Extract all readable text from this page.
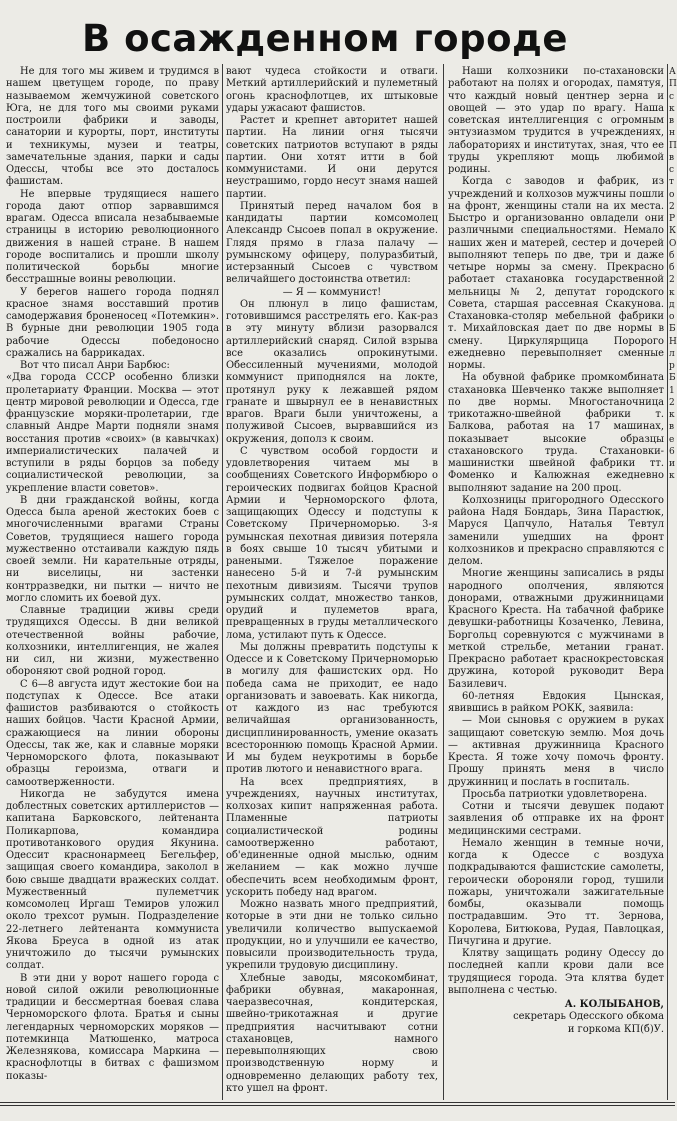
В осажденном городе

Не для того мы живем и трудимся в нашем цветущем городе, по праву называемом жемчужиной советского Юга, не для того мы своими руками построили фабрики и заводы, санатории и курорты, порт, институты и техникумы, музеи и театры, замечательные здания, парки и сады Одессы, чтобы все это досталось фашистам.

Не впервые трудящиеся нашего города дают отпор зарвавшимся врагам. Одесса вписала незабываемые страницы в историю революционного движения в нашей стране. В нашем городе воспитались и прошли школу политической борьбы многие бесстрашные воины революции.

У берегов нашего города поднял красное знамя восставший против самодержавия броненосец «Потемкин». В бурные дни революции 1905 года рабочие Одессы победоносно сражались на баррикадах.

Вот что писал Анри Барбюс:

«Два города СССР особенно близки пролетариату Франции. Москва — этот центр мировой революции и Одесса, где французские моряки-пролетарии, где славный Андре Марти подняли знамя восстания против «своих» (в кавычках) империалистических палачей и вступили в ряды борцов за победу социалистической революции, за укрепление власти советов».

В дни гражданской войны, когда Одесса была ареной жестоких боев с многочисленными врагами Страны Советов, трудящиеся нашего города мужественно отстаивали каждую пядь своей земли. Ни карательные отряды, ни виселицы, ни застенки контрразведки, ни пытки — ничто не могло сломить их боевой дух.

Славные традиции живы среди трудящихся Одессы. В дни великой отечественной войны рабочие, колхозники, интеллигенция, не жалея ни сил, ни жизни, мужественно обороняют свой родной город.

С 6—8 августа идут жестокие бои на подступах к Одессе. Все атаки фашистов разбиваются о стойкость наших бойцов. Части Красной Армии, сражающиеся на линии обороны Одессы, так же, как и славные моряки Черноморского флота, показывают образцы героизма, отваги и самоотверженности.

Никогда не забудутся имена доблестных советских артиллеристов — капитана Барковского, лейтенанта Поликарпова, командира противотанкового орудия Якунина. Одессит краснонармеец Бегельфер, защищая своего командира, заколол в бою свыше двадцати вражеских солдат. Мужественный пулеметчик комсомолец Иргаш Темиров уложил около трехсот румын. Подразделение 22-летнего лейтенанта коммуниста Якова Бреуса в одной из атак уничтожило до тысячи румынских солдат.

В эти дни у ворот нашего города с новой силой ожили революционные традиции и бессмертная боевая слава Черноморского флота. Братья и сыны легендарных черноморских моряков — потемкинца Матюшенко, матроса Железнякова, комиссара Маркина — краснофлотцы в битвах с фашизмом показы-

вают чудеса стойкости и отваги. Меткий артиллерийский и пулеметный огонь краснофлотцев, их штыковые удары ужасают фашистов.

Растет и крепнет авторитет нашей партии. На линии огня тысячи советских патриотов вступают в ряды партии. Они хотят итти в бой коммунистами. И они дерутся неустрашимо, гордо несут знамя нашей партии.

Принятый перед началом боя в кандидаты партии комсомолец Александр Сысоев попал в окружение. Глядя прямо в глаза палачу — румынскому офицеру, полуразбитый, истерзанный Сысоев с чувством величайшего достоинства ответил:

— Я — коммунист!

Он плюнул в лицо фашистам, готовившимся расстрелять его. Как-раз в эту минуту вблизи разорвался артиллерийский снаряд. Силой взрыва все оказались опрокинутыми. Обессиленный мучениями, молодой коммунист приподнялся на локте, протянул руку к лежавшей рядом гранате и швырнул ее в ненавистных врагов. Враги были уничтожены, а полуживой Сысоев, вырвавшийся из окружения, дополз к своим.

С чувством особой гордости и удовлетворения читаем мы в сообщениях Советского Информбюро о героических подвигах бойцов Красной Армии и Черноморского флота, защищающих Одессу и подступы к Советскому Причерноморью. 3-я румынская пехотная дивизия потеряла в боях свыше 10 тысяч убитыми и ранеными. Тяжелое поражение нанесено 5-й и 7-й румынским пехотным дивизиям. Тысячи трупов румынских солдат, множество танков, орудий и пулеметов врага, превращенных в груды металлического лома, устилают путь к Одессе.

Мы должны превратить подступы к Одессе и к Советскому Причерноморью в могилу для фашистских орд. Но победа сама не приходит, ее надо организовать и завоевать. Как никогда, от каждого из нас требуются величайшая организованность, дисциплинированность, умение оказать всестороннюю помощь Красной Армии. И мы будем неукротимы в борьбе против лютого и ненавистного врага.

На всех предприятиях, в учреждениях, научных институтах, колхозах кипит напряженная работа. Пламенные патриоты социалистической родины самоотверженно работают, об'единенные одной мыслью, одним желанием — как можно лучше обеспечить всем необходимым фронт, ускорить победу над врагом.

Можно назвать много предприятий, которые в эти дни не только сильно увеличили количество выпускаемой продукции, но и улучшили ее качество, повысили производительность труда, укрепили трудовую дисциплину.

Хлебные заводы, мясокомбинат, фабрики обувная, макаронная, чаеразвесочная, кондитерская, швейно-трикотажная и другие предприятия насчитывают сотни стахановцев, намного перевыполняющих свою производственную норму и одновременно делающих работу тех, кто ушел на фронт.

Наши колхозники по-стахановски работают на полях и огородах, памятуя, что каждый новый центнер зерна и овощей — это удар по врагу. Наша советская интеллигенция с огромным энтузиазмом трудится в учреждениях, лабораториях и институтах, зная, что ее труды укрепляют мощь любимой родины.

Когда с заводов и фабрик, из учреждений и колхозов мужчины пошли на фронт, женщины стали на их места. Быстро и организованно овладели они различными специальностями. Немало наших жен и матерей, сестер и дочерей выполняют теперь по две, три и даже четыре нормы за смену. Прекрасно работает стахановка государственной мельницы № 2, депутат городского Совета, старшая рассевная Скакунова. Стахановка-столяр мебельной фабрики т. Михайловская дает по две нормы в смену. Циркулярщица Поророго ежедневно перевыполняет сменные нормы.

На обувной фабрике промкомбината стахановка Шевченко также выполняет по две нормы. Многостаночница трикотажно-швейной фабрики т. Балкова, работая на 17 машинах, показывает высокие образцы стахановского труда. Стахановки-машинистки швейной фабрики тт. Фоменко и Калюжная ежедневно выполняют задание на 200 проц.

Колхозницы пригородного Одесского района Надя Бондарь, Зина Парастюк, Маруся Цапчуло, Наталья Тевтул заменили ушедших на фронт колхозников и прекрасно справляются с делом.

Многие женщины записались в ряды народного ополчения, являются донорами, отважными дружинницами Красного Креста. На табачной фабрике девушки-работницы Козаченко, Левина, Боргольц соревнуются с мужчинами в меткой стрельбе, метании гранат. Прекрасно работает краснокрестовская дружина, которой руководит Вера Базилевич.

60-летняя Евдокия Цынская, явившись в райком РОКК, заявила:

— Мои сыновья с оружием в руках защищают советскую землю. Моя дочь — активная дружинница Красного Креста. Я тоже хочу помочь фронту. Прошу принять меня в число дружинниц и послать в госпиталь.

Просьба патриотки удовлетворена.

Сотни и тысячи девушек подают заявления об отправке их на фронт медицинскими сестрами.

Немало женщин в темные ночи, когда к Одессе с воздуха подкрадываются фашистские самолеты, героически обороняли город, тушили пожары, уничтожали зажигательные бомбы, оказывали помощь пострадавшим. Это тт. Зернова, Королева, Битюкова, Рудая, Павлоцкая, Пичугина и другие.

Клятву защищать родину Одессу до последней капли крови дали все трудящиеся города. Эта клятва будет выполнена с честью.

А. КОЛЫБАНОВ,
секретарь Одесского обкома
и горкома КП(б)У.
А П с к в н П в с т о 2 Р К О б б 2 к д о Б Н л р Б 1 2 к в е 6 и к
